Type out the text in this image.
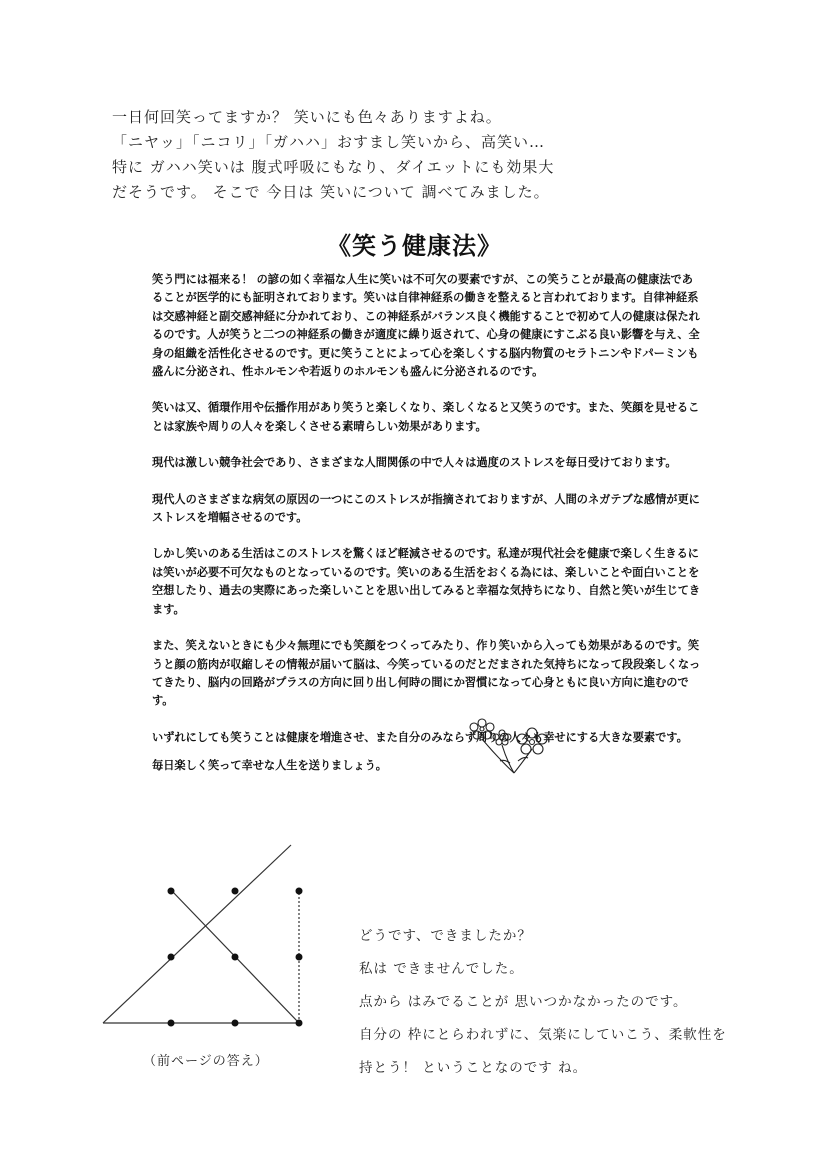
一日何回笑ってますか？ 笑いにも色々ありますよね。
「ニヤッ」「ニコリ」「ガハハ」おすまし笑いから、高笑い…
特に ガハハ笑いは 腹式呼吸にもなり、ダイエットにも効果大
だそうです。 そこで 今日は 笑いについて 調べてみました。
《笑う健康法》

笑う門には福来る！ の諺の如く幸福な人生に笑いは不可欠の要素ですが、この笑うことが最高の健康法であることが医学的にも証明されております。笑いは自律神経系の働きを整えると言われております。自律神経系は交感神経と副交感神経に分かれており、この神経系がバランス良く機能することで初めて人の健康は保たれるのです。人が笑うと二つの神経系の働きが適度に繰り返されて、心身の健康にすこぶる良い影響を与え、全身の組織を活性化させるのです。更に笑うことによって心を楽しくする脳内物質のセラトニンやドパーミンも盛んに分泌され、性ホルモンや若返りのホルモンも盛んに分泌されるのです。

笑いは又、循環作用や伝播作用があり笑うと楽しくなり、楽しくなると又笑うのです。また、笑顔を見せることは家族や周りの人々を楽しくさせる素晴らしい効果があります。

現代は激しい競争社会であり、さまざまな人間関係の中で人々は過度のストレスを毎日受けております。

現代人のさまざまな病気の原因の一つにこのストレスが指摘されておりますが、人間のネガテブな感情が更にストレスを増幅させるのです。

しかし笑いのある生活はこのストレスを驚くほど軽減させるのです。私達が現代社会を健康で楽しく生きるには笑いが必要不可欠なものとなっているのです。笑いのある生活をおくる為には、楽しいことや面白いことを空想したり、過去の実際にあった楽しいことを思い出してみると幸福な気持ちになり、自然と笑いが生じてきます。

また、笑えないときにも少々無理にでも笑顔をつくってみたり、作り笑いから入っても効果があるのです。笑うと顔の筋肉が収縮しその情報が届いて脳は、今笑っているのだとだまされた気持ちになって段段楽しくなってきたり、脳内の回路がプラスの方向に回り出し何時の間にか習慣になって心身ともに良い方向に進むのです。

いずれにしても笑うことは健康を増進させ、また自分のみならず周りの人々も幸せにする大きな要素です。

毎日楽しく笑って幸せな人生を送りましょう。

どうです、できましたか？
私は できませんでした。
点から はみでることが 思いつかなかったのです。
自分の 枠にとらわれずに、気楽にしていこう、柔軟性を
持とう！ ということなのです ね。
（前ページの答え）
